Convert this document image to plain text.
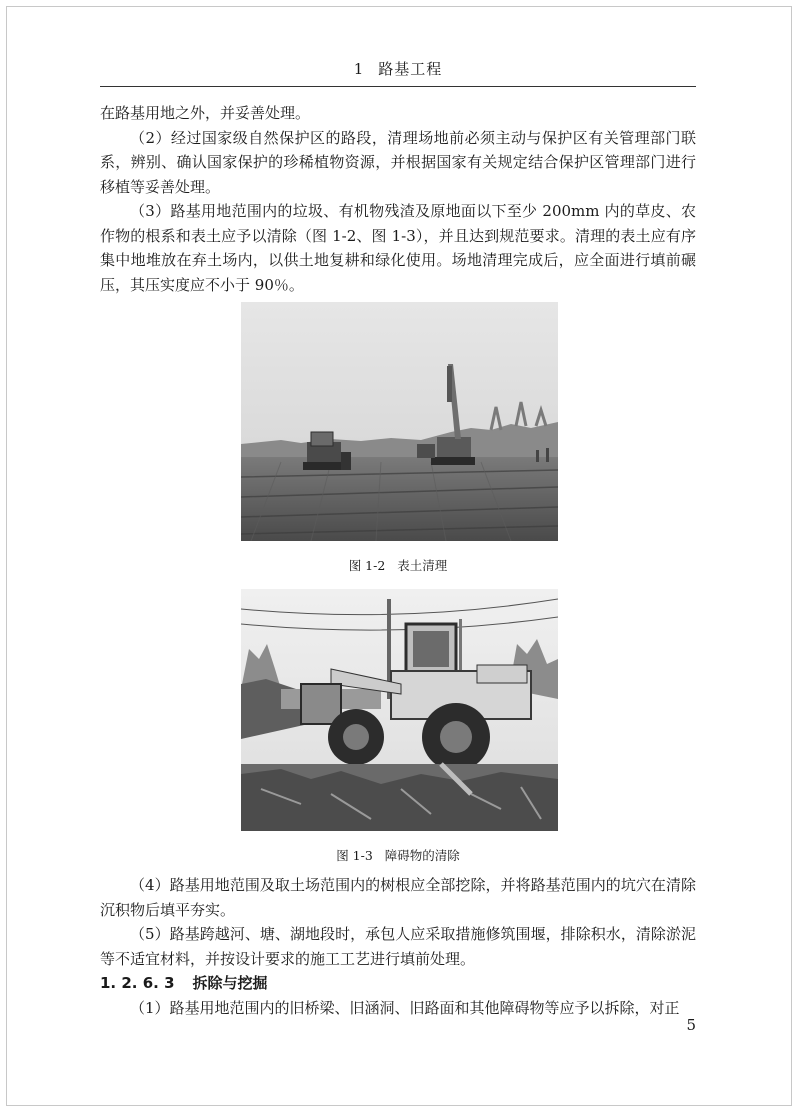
1 路基工程

在路基用地之外，并妥善处理。

（2）经过国家级自然保护区的路段，清理场地前必须主动与保护区有关管理部门联系，辨别、确认国家保护的珍稀植物资源，并根据国家有关规定结合保护区管理部门进行移植等妥善处理。

（3）路基用地范围内的垃圾、有机物残渣及原地面以下至少 200mm 内的草皮、农作物的根系和表土应予以清除（图 1-2、图 1-3），并且达到规范要求。清理的表土应有序集中地堆放在弃土场内，以供土地复耕和绿化使用。场地清理完成后，应全面进行填前碾压，其压实度应不小于 90％。

图 1-2 表土清理
图 1-3 障碍物的清除

（4）路基用地范围及取土场范围内的树根应全部挖除，并将路基范围内的坑穴在清除沉积物后填平夯实。

（5）路基跨越河、塘、湖地段时，承包人应采取措施修筑围堰，排除积水，清除淤泥等不适宜材料，并按设计要求的施工工艺进行填前处理。

1. 2. 6. 3 拆除与挖掘

（1）路基用地范围内的旧桥梁、旧涵洞、旧路面和其他障碍物等应予以拆除，对正

5
